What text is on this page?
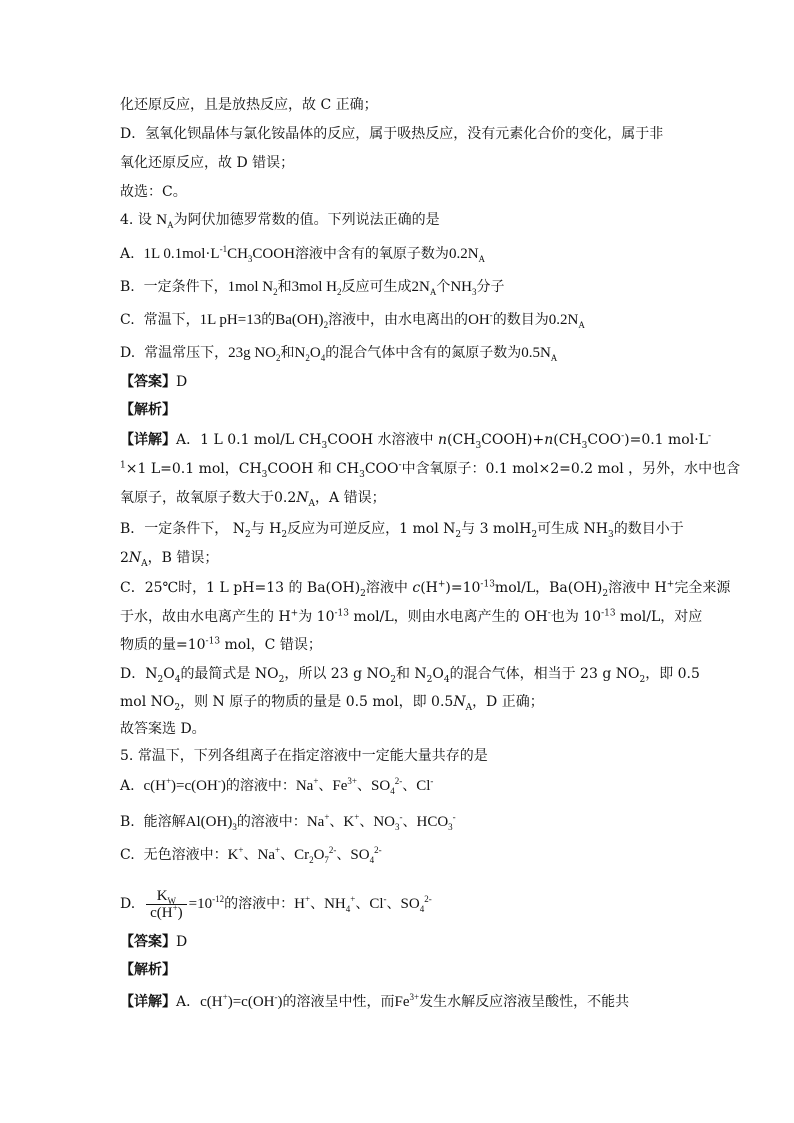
化还原反应，且是放热反应，故 C 正确；
D．氢氧化钡晶体与氯化铵晶体的反应，属于吸热反应，没有元素化合价的变化，属于非
氧化还原反应，故 D 错误；
故选：C。
4. 设 $N_A$为阿伏加德罗常数的值。下列说法正确的是
A. 1L $0.1mol\cdot L^{-1}CH_3COOH$溶液中含有的氧原子数为$0.2N_A$
B. 一定条件下，1mol $N_2$和3mol $H_2$反应可生成$2N_A$个$NH_3$分子
C. 常温下，1L pH=13的$Ba(OH)_2$溶液中，由水电离出的OH-的数目为$0.2N_A$
D. 常温常压下，23g $NO_2$和$N_2O_4$的混合气体中含有的氮原子数为$0.5N_A$
【答案】D
【解析】
【详解】A．1 L 0.1 mol/L $CH_3COOH$ 水溶液中 $n(CH_3COOH)+n(CH_3COO^-)=0.1$ mol·L-
$^1$×1 L=0.1 mol，$CH_3COOH$ 和 $CH_3COO^-$中含氧原子：0.1 mol×2=0.2 mol ，另外，水中也含
氧原子，故氧原子数大于$0.2N_A$，A 错误；
B．一定条件下， $N_2$与 $H_2$反应为可逆反应，1 mol $N_2$与 3 molH$_2$可生成 $NH_3$的数目小于
$2N_A$，B 错误；
C．25℃时，1 L pH=13 的 $Ba(OH)_2$溶液中 $c(H^+)=10^{-13}mol/L$，$Ba(OH)_2$溶液中 H+完全来源
于水，故由水电离产生的 H+为 $10^{-13}$ mol/L，则由水电离产生的 OH-也为 $10^{-13}$ mol/L，对应
物质的量$=10^{-13}$ mol，C 错误；
D．$N_2O_4$的最简式是 $NO_2$，所以 23 g $NO_2$和 $N_2O_4$的混合气体，相当于 23 g $NO_2$，即 0.5
mol $NO_2$，则 N 原子的物质的量是 0.5 mol，即 $0.5N_A$，D 正确；
故答案选 D。
5. 常温下，下列各组离子在指定溶液中一定能大量共存的是
A. c(H+)=c(OH-)的溶液中：Na+、$Fe^{3+}$、$SO_4^{2-}$、Cl-
B. 能溶解$Al(OH)_3$的溶液中：Na+、K+、$NO_3^-$、$HCO_3^-$
C. 无色溶液中：K+、Na+、$Cr_2O_7^{2-}$、$SO_4^{2-}$
D. $\frac{K_W}{c(H^+)} =10^{-12}$的溶液中：H+、$NH_4^+$、Cl-、$SO_4^{2-}$
【答案】D
【解析】
【详解】A．c(H+)=c(OH-)的溶液呈中性，而$Fe^{3+}$发生水解反应溶液呈酸性，不能共
